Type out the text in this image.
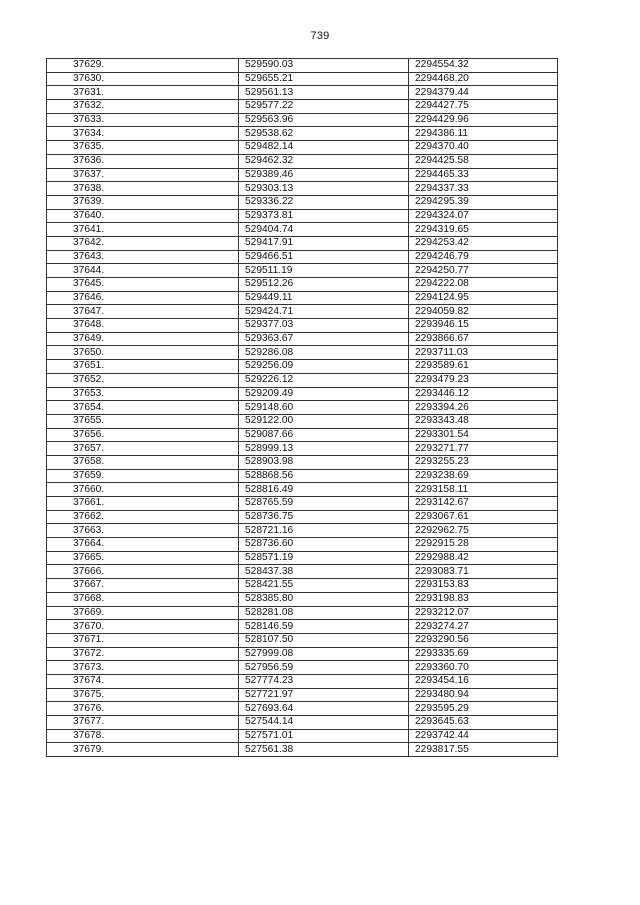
739
37629.	529590.03	2294554.32
37630.	529655.21	2294468.20
37631.	529561.13	2294379.44
37632.	529577.22	2294427.75
37633.	529563.96	2294429.96
37634.	529538.62	2294386.11
37635.	529482.14	2294370.40
37636.	529462.32	2294425.58
37637.	529389.46	2294465.33
37638.	529303.13	2294337.33
37639.	529336.22	2294295.39
37640.	529373.81	2294324.07
37641.	529404.74	2294319.65
37642.	529417.91	2294253.42
37643.	529466.51	2294246.79
37644.	529511.19	2294250.77
37645.	529512.26	2294222.08
37646.	529449.11	2294124.95
37647.	529424.71	2294059.82
37648.	529377.03	2293946.15
37649.	529363.67	2293866.67
37650.	529286.08	2293711.03
37651.	529256.09	2293589.61
37652.	529226.12	2293479.23
37653.	529209.49	2293446.12
37654.	529148.60	2293394.26
37655.	529122.00	2293343.48
37656.	529087.66	2293301.54
37657.	528999.13	2293271.77
37658.	528903.98	2293255.23
37659.	528868.56	2293238.69
37660.	528816.49	2293158.11
37661.	528765.59	2293142.67
37662.	528736.75	2293067.61
37663.	528721.16	2292962.75
37664.	528736.60	2292915.28
37665.	528571.19	2292988.42
37666.	528437.38	2293083.71
37667.	528421.55	2293153.83
37668.	528385.80	2293198.83
37669.	528281.08	2293212.07
37670.	528146.59	2293274.27
37671.	528107.50	2293290.56
37672.	527999.08	2293335.69
37673.	527956.59	2293360.70
37674.	527774.23	2293454.16
37675.	527721.97	2293480.94
37676.	527693.64	2293595.29
37677.	527544.14	2293645.63
37678.	527571.01	2293742.44
37679.	527561.38	2293817.55
